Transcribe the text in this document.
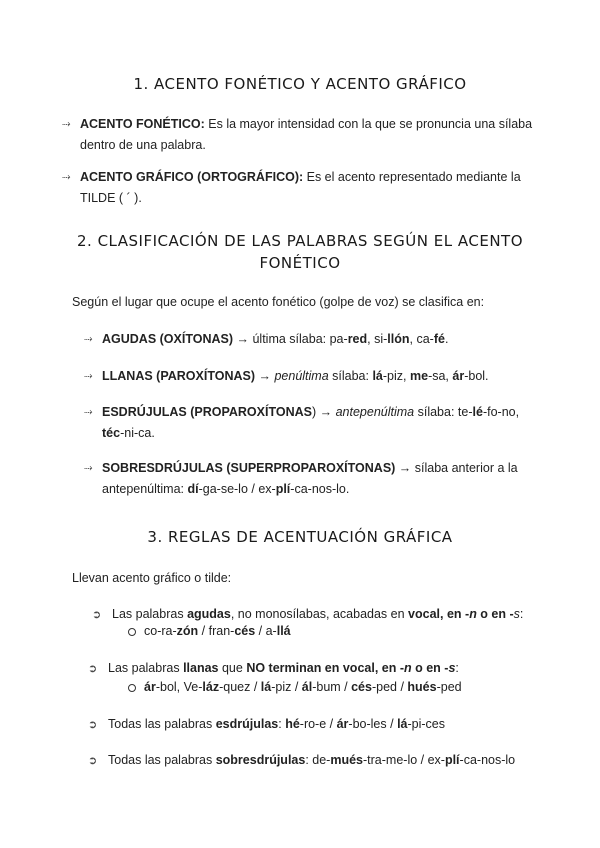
1. ACENTO FONÉTICO Y ACENTO GRÁFICO
⤑ ACENTO FONÉTICO: Es la mayor intensidad con la que se pronuncia una sílaba
dentro de una palabra.
⤑ ACENTO GRÁFICO (ORTOGRÁFICO): Es el acento representado mediante la
TILDE ( ´ ).
2. CLASIFICACIÓN DE LAS PALABRAS SEGÚN EL ACENTO
FONÉTICO
Según el lugar que ocupe el acento fonético (golpe de voz) se clasifica en:
⤑ AGUDAS (OXÍTONAS) → última sílaba: pa-red, si-llón, ca-fé.
⤑ LLANAS (PAROXÍTONAS) → penúltima sílaba: lá-piz, me-sa, ár-bol.
⤑ ESDRÚJULAS (PROPAROXÍTONAS) → antepenúltima sílaba: te-lé-fo-no,
téc-ni-ca.
⤑ SOBRESDRÚJULAS (SUPERPROPAROXÍTONAS) → sílaba anterior a la
antepenúltima: dí-ga-se-lo / ex-plí-ca-nos-lo.
3. REGLAS DE ACENTUACIÓN GRÁFICA
Llevan acento gráfico o tilde:
➲ Las palabras agudas, no monosílabas, acabadas en vocal, en -n o en -s:
co-ra-zón / fran-cés / a-llá
➲ Las palabras llanas que NO terminan en vocal, en -n o en -s:
ár-bol, Ve-láz-quez / lá-piz / ál-bum / cés-ped / hués-ped
➲ Todas las palabras esdrújulas: hé-ro-e / ár-bo-les / lá-pi-ces
➲ Todas las palabras sobresdrújulas: de-mués-tra-me-lo / ex-plí-ca-nos-lo
